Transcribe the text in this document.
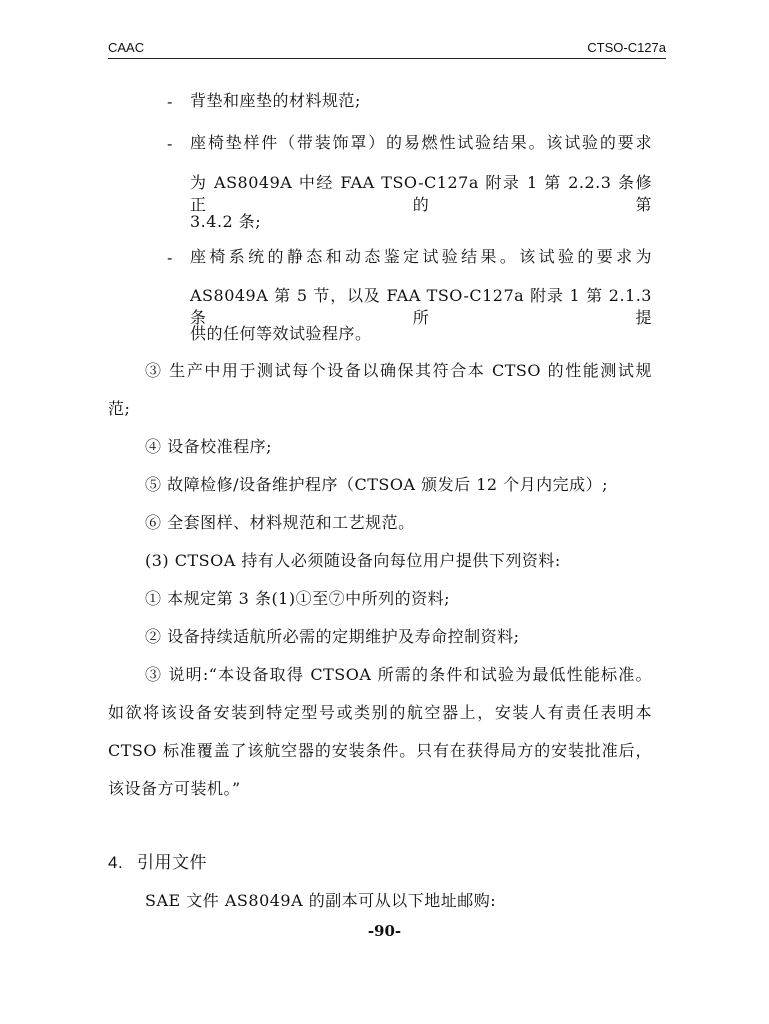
CAAC	CTSO-C127a
- 背垫和座垫的材料规范;
- 座椅垫样件（带装饰罩）的易燃性试验结果。该试验的要求
为 AS8049A 中经 FAA TSO-C127a 附录 1 第 2.2.3 条修正的第
3.4.2 条;
- 座椅系统的静态和动态鉴定试验结果。该试验的要求为
AS8049A 第 5 节，以及 FAA TSO-C127a 附录 1 第 2.1.3 条所提
供的任何等效试验程序。
③ 生产中用于测试每个设备以确保其符合本 CTSO 的性能测试规
范;
④ 设备校准程序;
⑤ 故障检修/设备维护程序（CTSOA 颁发后 12 个月内完成）;
⑥ 全套图样、材料规范和工艺规范。
(3) CTSOA 持有人必须随设备向每位用户提供下列资料:
① 本规定第 3 条(1)①至⑦中所列的资料;
② 设备持续适航所必需的定期维护及寿命控制资料;
③ 说明:“本设备取得 CTSOA 所需的条件和试验为最低性能标准。
如欲将该设备安装到特定型号或类别的航空器上，安装人有责任表明本
CTSO 标准覆盖了该航空器的安装条件。只有在获得局方的安装批准后，
该设备方可装机。”
4. 引用文件
SAE 文件 AS8049A 的副本可从以下地址邮购:
-90-
